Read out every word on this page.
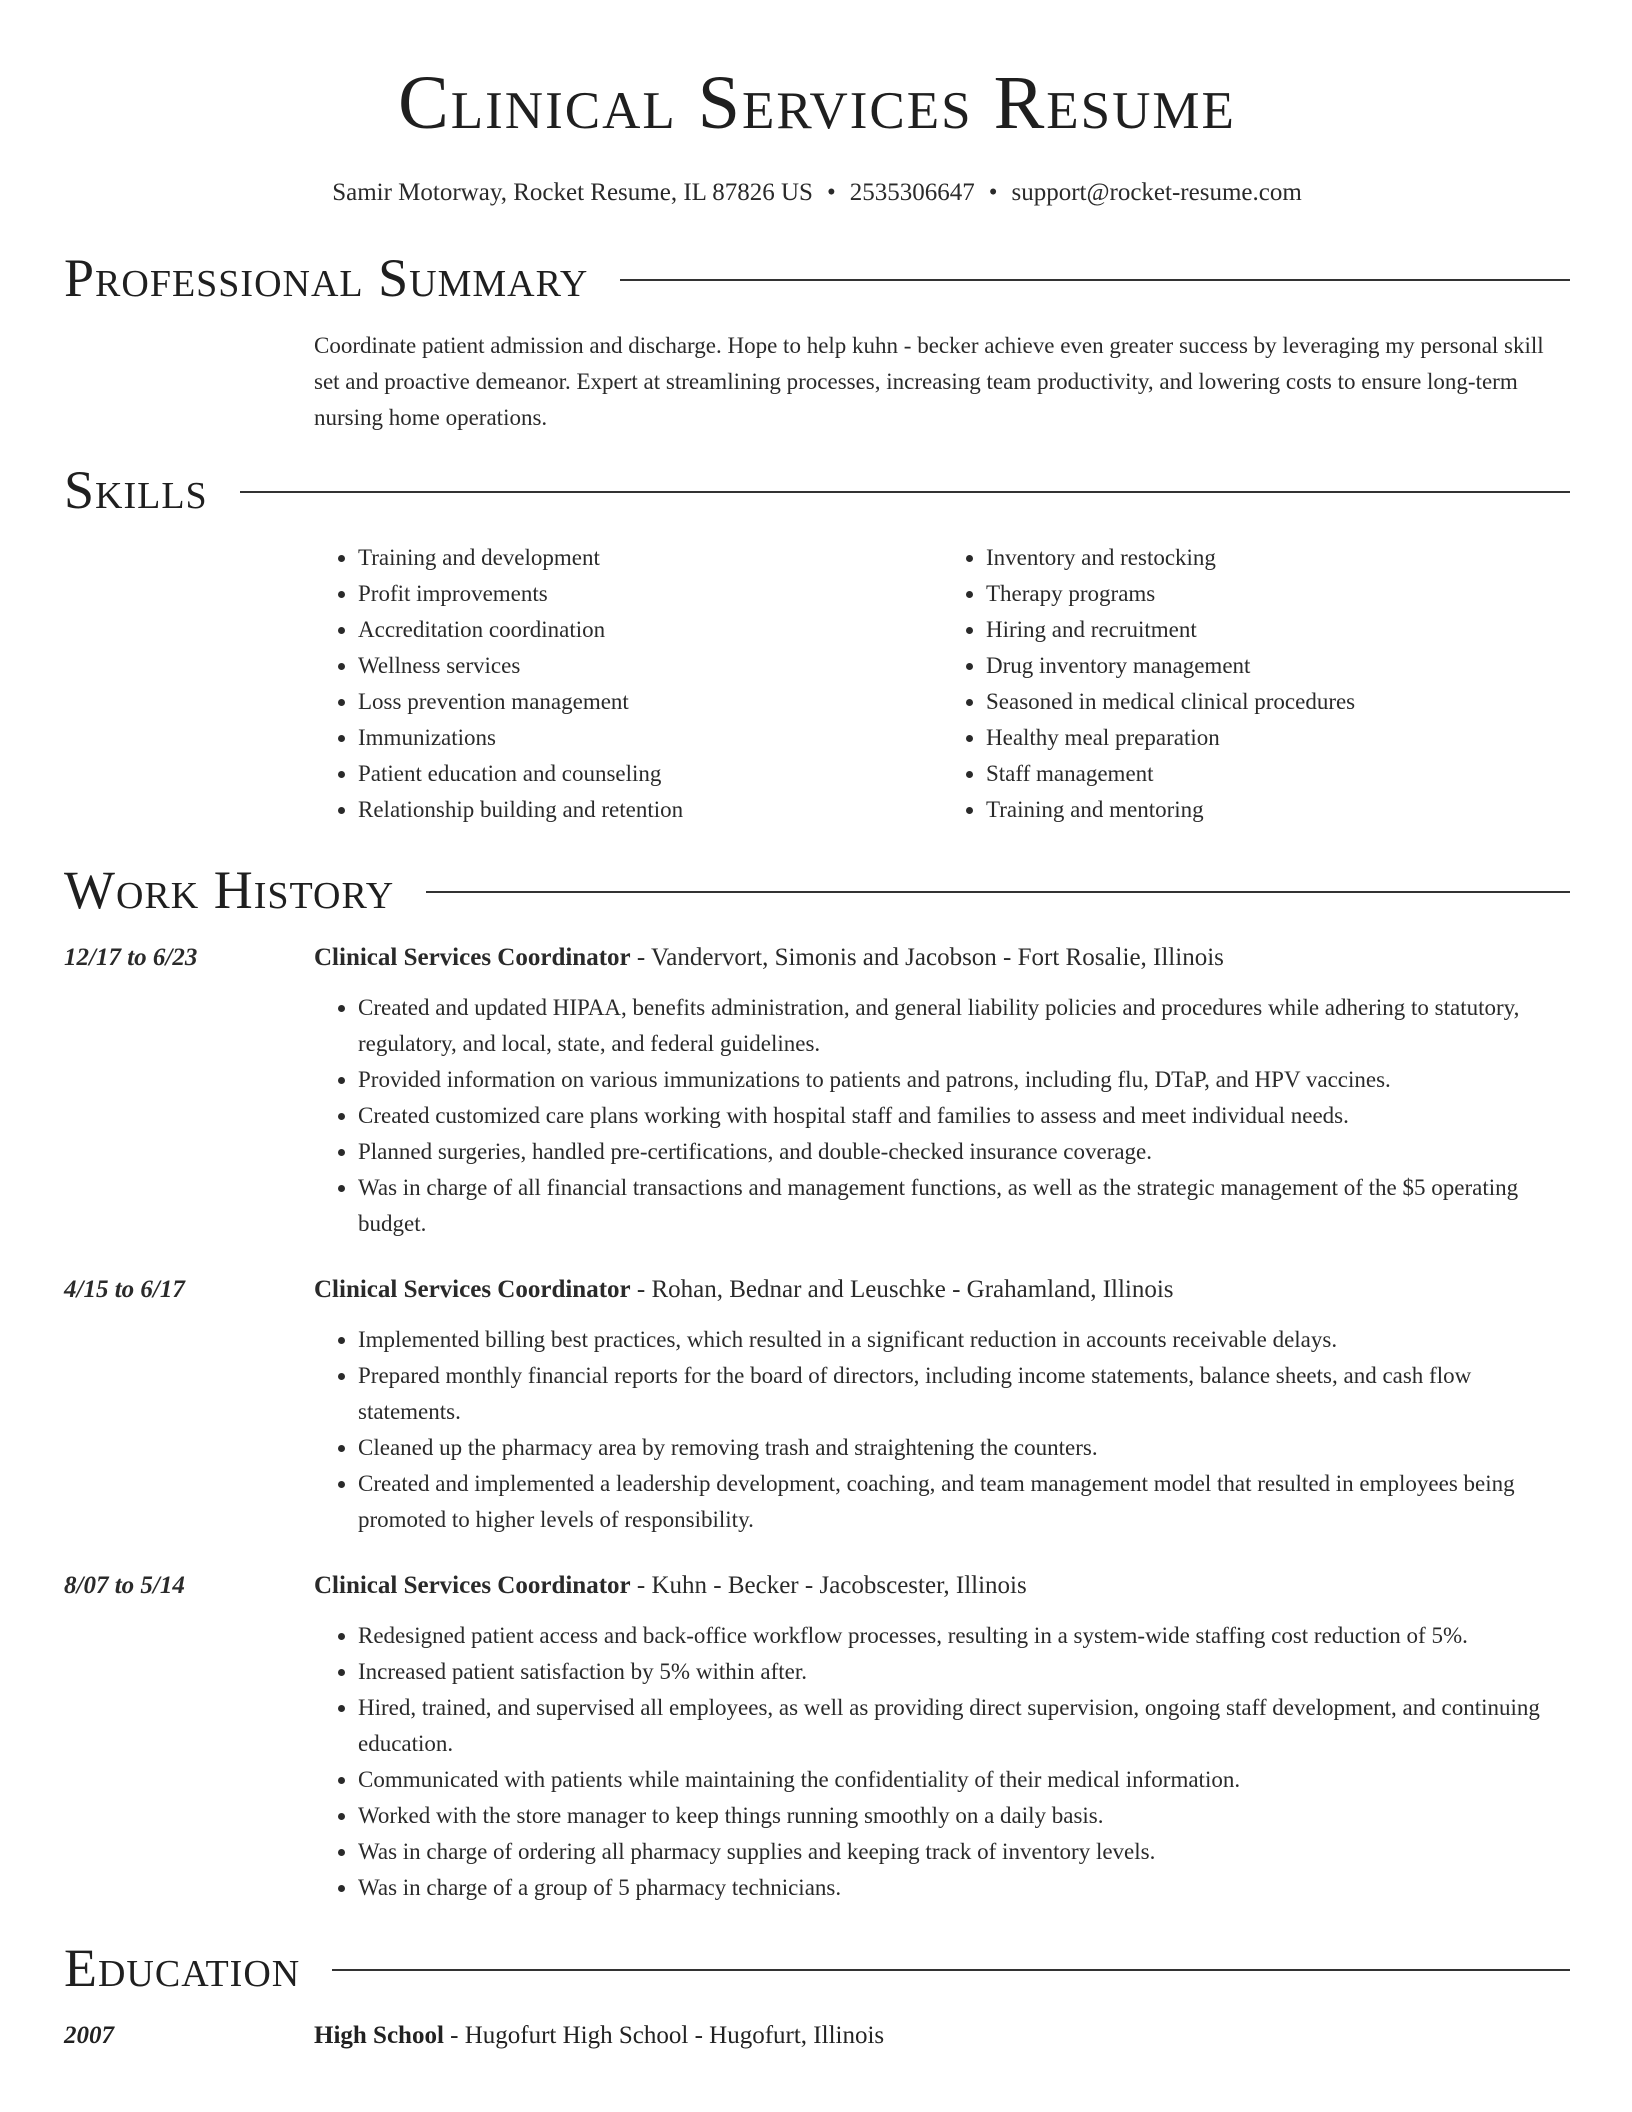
Clinical Services Resume
Samir Motorway, Rocket Resume, IL 87826 US • 2535306647 • support@rocket-resume.com
Professional Summary
Coordinate patient admission and discharge. Hope to help kuhn - becker achieve even greater success by leveraging my personal skill set and proactive demeanor. Expert at streamlining processes, increasing team productivity, and lowering costs to ensure long-term nursing home operations.
Skills
• Training and development
• Profit improvements
• Accreditation coordination
• Wellness services
• Loss prevention management
• Immunizations
• Patient education and counseling
• Relationship building and retention
• Inventory and restocking
• Therapy programs
• Hiring and recruitment
• Drug inventory management
• Seasoned in medical clinical procedures
• Healthy meal preparation
• Staff management
• Training and mentoring
Work History
12/17 to 6/23	Clinical Services Coordinator - Vandervort, Simonis and Jacobson - Fort Rosalie, Illinois
• Created and updated HIPAA, benefits administration, and general liability policies and procedures while adhering to statutory, regulatory, and local, state, and federal guidelines.
• Provided information on various immunizations to patients and patrons, including flu, DTaP, and HPV vaccines.
• Created customized care plans working with hospital staff and families to assess and meet individual needs.
• Planned surgeries, handled pre-certifications, and double-checked insurance coverage.
• Was in charge of all financial transactions and management functions, as well as the strategic management of the $5 operating budget.
4/15 to 6/17	Clinical Services Coordinator - Rohan, Bednar and Leuschke - Grahamland, Illinois
• Implemented billing best practices, which resulted in a significant reduction in accounts receivable delays.
• Prepared monthly financial reports for the board of directors, including income statements, balance sheets, and cash flow statements.
• Cleaned up the pharmacy area by removing trash and straightening the counters.
• Created and implemented a leadership development, coaching, and team management model that resulted in employees being promoted to higher levels of responsibility.
8/07 to 5/14	Clinical Services Coordinator - Kuhn - Becker - Jacobscester, Illinois
• Redesigned patient access and back-office workflow processes, resulting in a system-wide staffing cost reduction of 5%.
• Increased patient satisfaction by 5% within after.
• Hired, trained, and supervised all employees, as well as providing direct supervision, ongoing staff development, and continuing education.
• Communicated with patients while maintaining the confidentiality of their medical information.
• Worked with the store manager to keep things running smoothly on a daily basis.
• Was in charge of ordering all pharmacy supplies and keeping track of inventory levels.
• Was in charge of a group of 5 pharmacy technicians.
Education
2007	High School - Hugofurt High School - Hugofurt, Illinois
